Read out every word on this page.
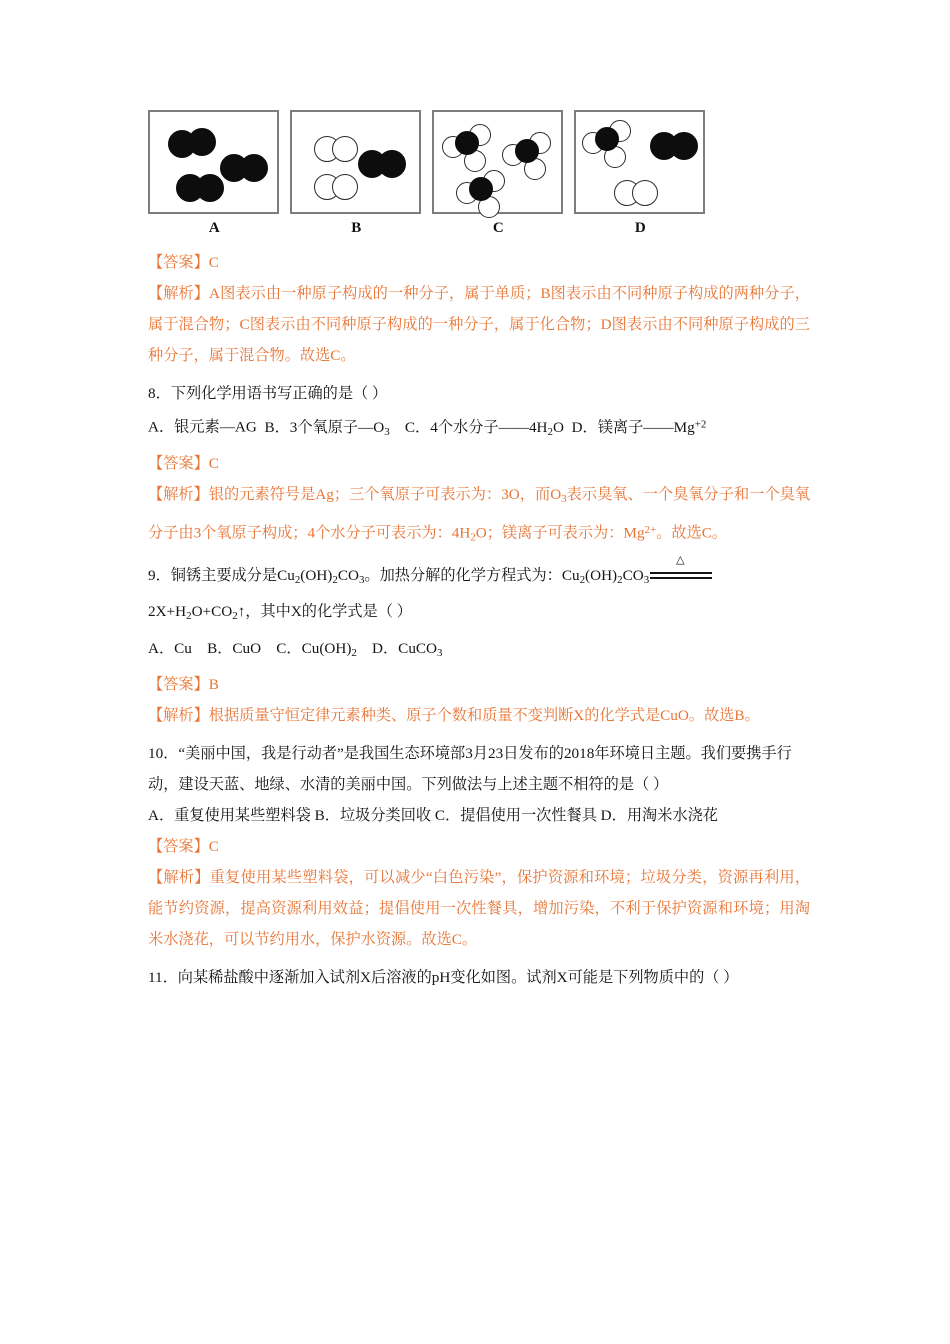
A	B	C	D
【答案】C
【解析】A图表示由一种原子构成的一种分子，属于单质；B图表示由不同种原子构成的两种分子，属于混合物；C图表示由不同种原子构成的一种分子，属于化合物；D图表示由不同种原子构成的三种分子，属于混合物。故选C。
8．下列化学用语书写正确的是（ ）
A．银元素—AG B．3个氧原子$—O_3$ C．4个水分子$——4H_2O$ D．镁离子$——Mg^{+2}$
【答案】C
【解析】银的元素符号是Ag；三个氧原子可表示为：3O，而$O_3$表示臭氧、一个臭氧分子和一个臭氧分子由3个氧原子构成；4个水分子可表示为：$4H_2O$；镁离子可表示为：$Mg^{2+}$。故选C。
9．铜锈主要成分是$Cu_2(OH)_2CO_3$。加热分解的化学方程式为：$Cu_2(OH)_2CO_3$
△
$2X+H_2O+CO_2↑$，其中X的化学式是（ ）
A．Cu B．CuO C．$Cu(OH)_2$ D．CuCO$_3$
【答案】B
【解析】根据质量守恒定律元素种类、原子个数和质量不变判断X的化学式是CuO。故选B。
10．“美丽中国，我是行动者”是我国生态环境部3月23日发布的2018年环境日主题。我们要携手行动，建设天蓝、地绿、水清的美丽中国。下列做法与上述主题不相符的是（ ）
A．重复使用某些塑料袋 B．垃圾分类回收 C．提倡使用一次性餐具 D．用淘米水浇花
【答案】C
【解析】重复使用某些塑料袋，可以减少“白色污染”，保护资源和环境；垃圾分类，资源再利用，能节约资源，提高资源利用效益；提倡使用一次性餐具，增加污染，不利于保护资源和环境；用淘米水浇花，可以节约用水，保护水资源。故选C。
11．向某稀盐酸中逐渐加入试剂X后溶液的pH变化如图。试剂X可能是下列物质中的（ ）
